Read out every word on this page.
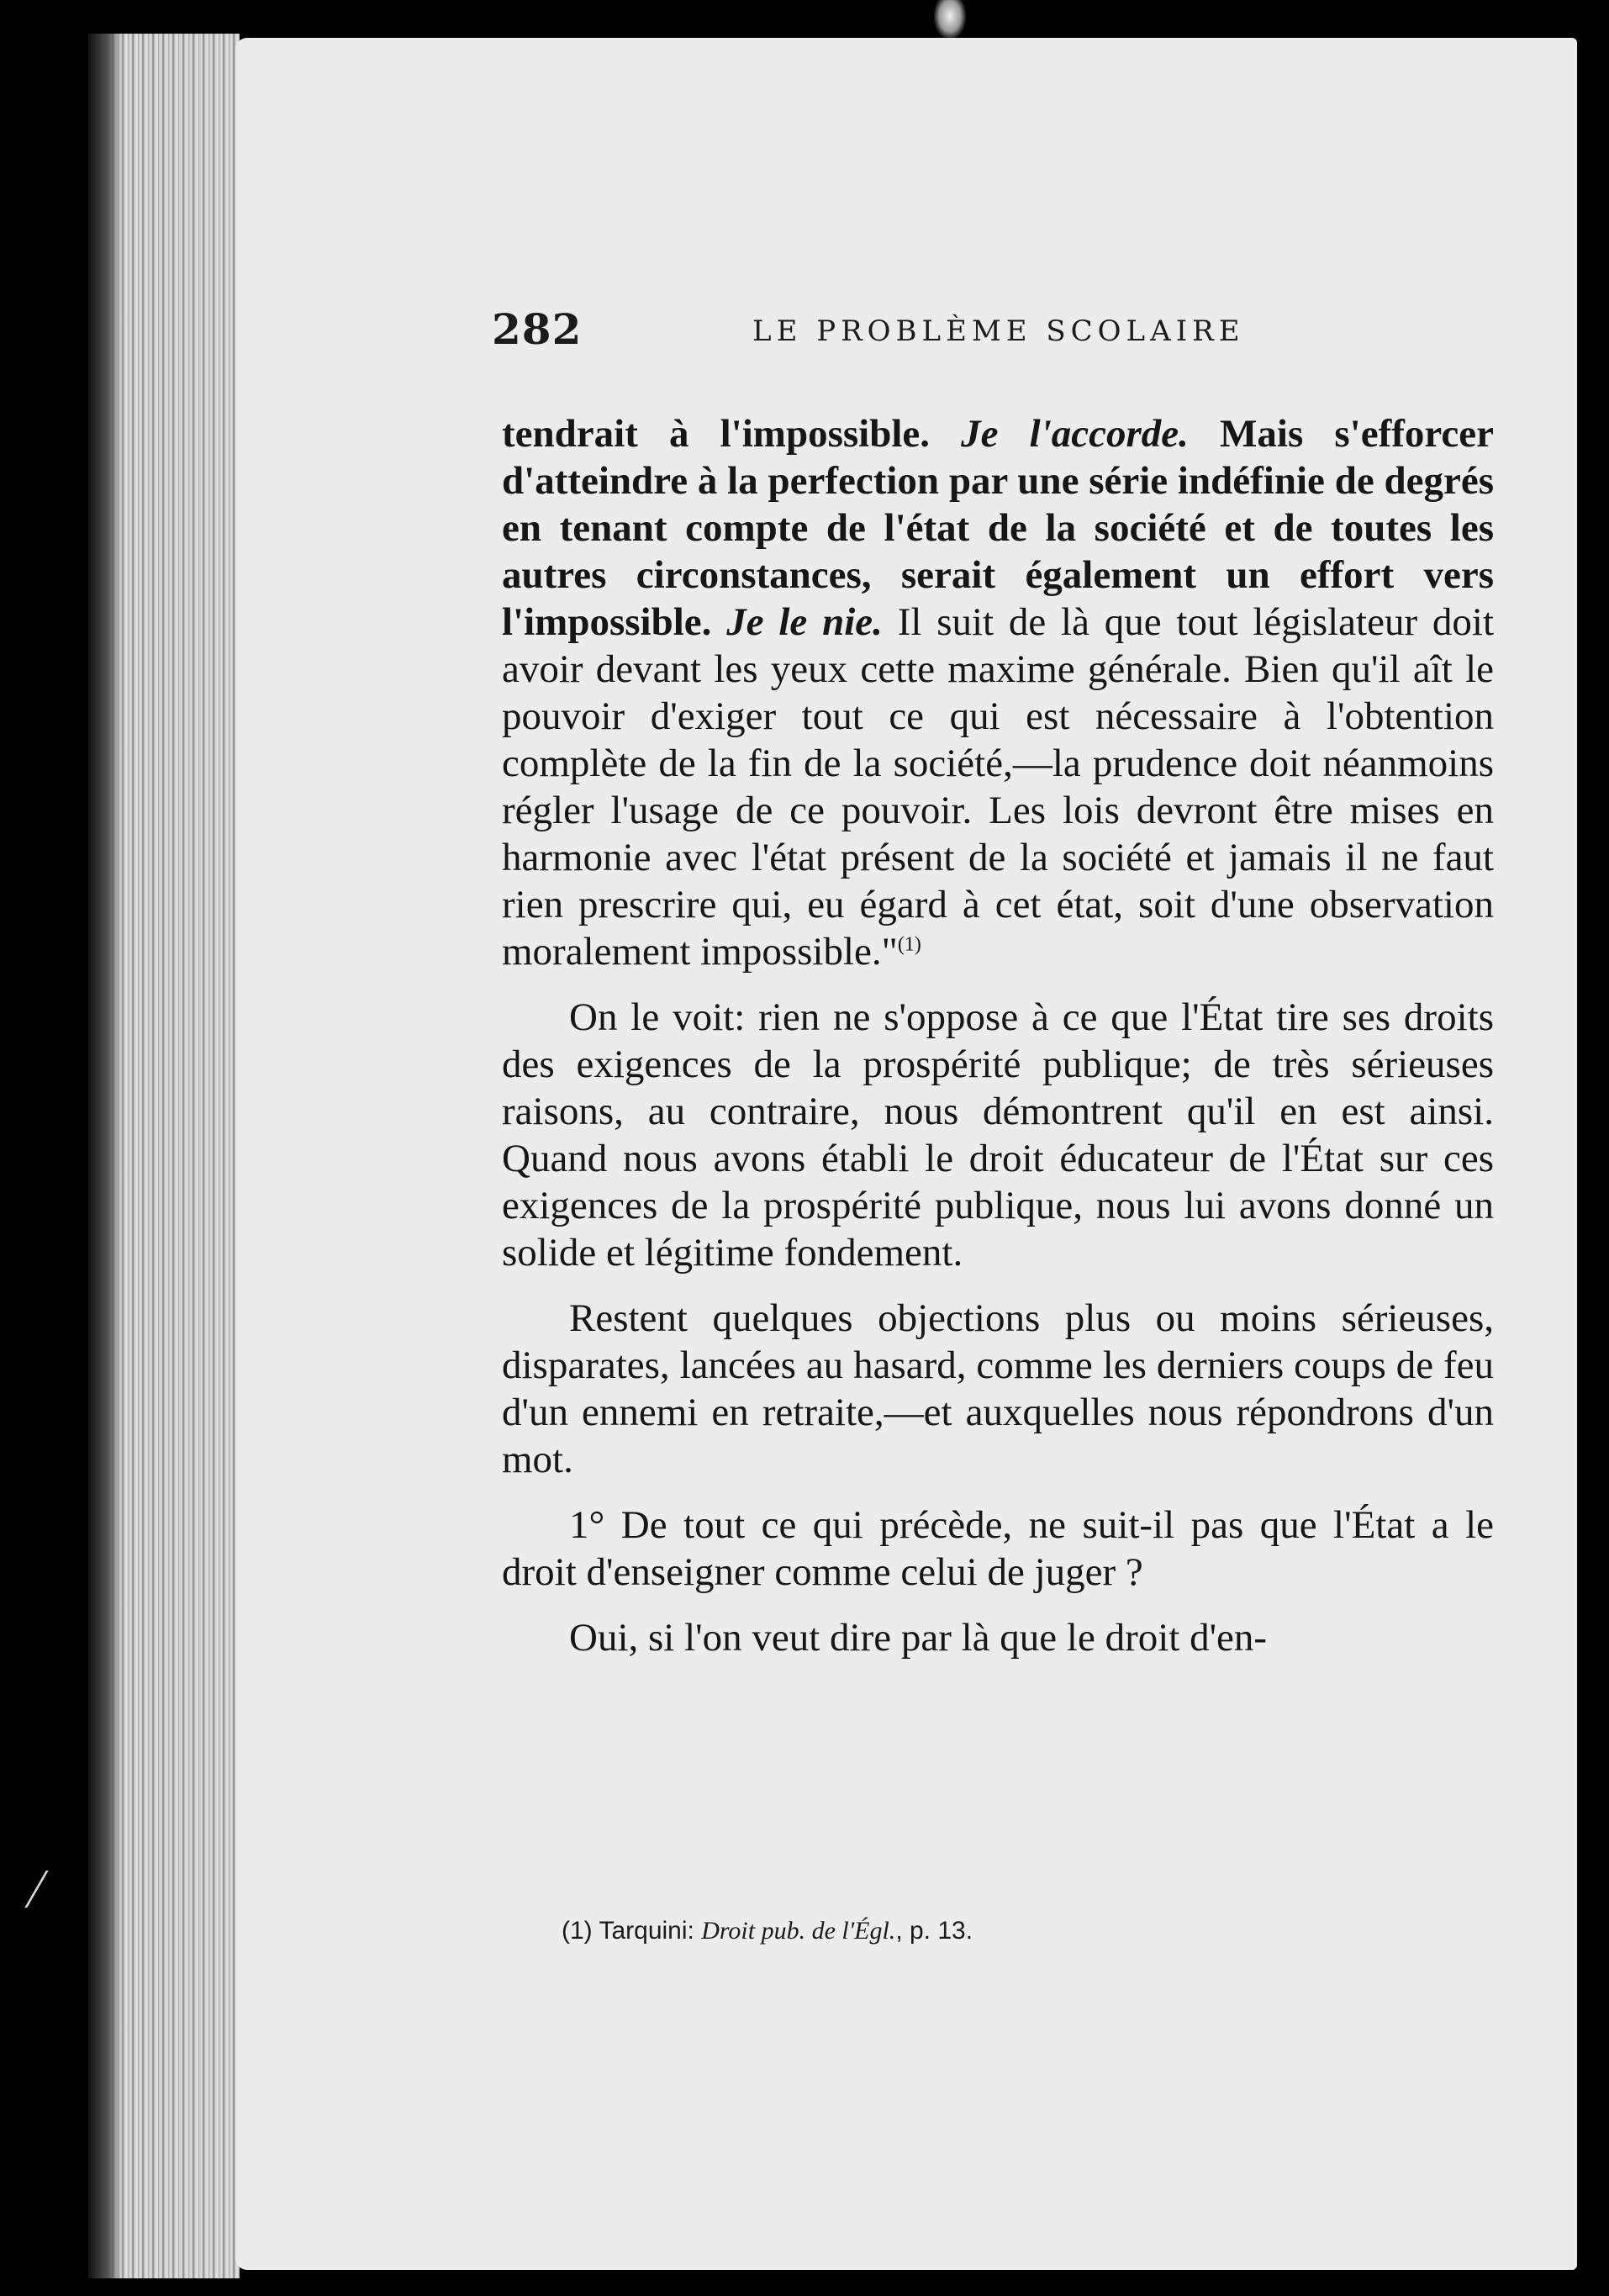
282	LE PROBLÈME SCOLAIRE

tendrait à l'impossible. Je l'accorde. Mais s'efforcer d'atteindre à la perfection par une série indéfinie de degrés en tenant compte de l'état de la société et de toutes les autres circonstances, serait également un effort vers l'impossible. Je le nie. Il suit de là que tout législateur doit avoir devant les yeux cette maxime générale. Bien qu'il aît le pouvoir d'exiger tout ce qui est nécessaire à l'obtention complète de la fin de la société,—la prudence doit néanmoins régler l'usage de ce pouvoir. Les lois devront être mises en harmonie avec l'état présent de la société et jamais il ne faut rien prescrire qui, eu égard à cet état, soit d'une observation moralement impossible."$^{(1)}$

On le voit: rien ne s'oppose à ce que l'État tire ses droits des exigences de la prospérité publique; de très sérieuses raisons, au contraire, nous démontrent qu'il en est ainsi. Quand nous avons établi le droit éducateur de l'État sur ces exigences de la prospérité publique, nous lui avons donné un solide et légitime fondement.

Restent quelques objections plus ou moins sérieuses, disparates, lancées au hasard, comme les derniers coups de feu d'un ennemi en retraite,—et auxquelles nous répondrons d'un mot.

1° De tout ce qui précède, ne suit-il pas que l'État a le droit d'enseigner comme celui de juger ?

Oui, si l'on veut dire par là que le droit d'en-

(1) Tarquini: Droit pub. de l'Égl., p. 13.
